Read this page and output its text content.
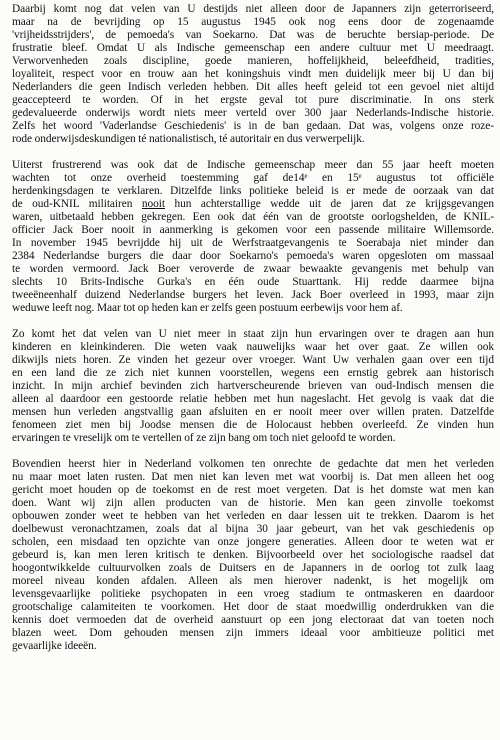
Daarbij komt nog dat velen van U destijds niet alleen door de Japanners zijn geterroriseerd,
maar na de bevrijding op 15 augustus 1945 ook nog eens door de zogenaamde
'vrijheidsstrijders', de pemoeda's van Soekarno. Dat was de beruchte bersiap-periode. De
frustratie bleef. Omdat U als Indische gemeenschap een andere cultuur met U meedraagt.
Verworvenheden zoals discipline, goede manieren, hoffelijkheid, beleefdheid, tradities,
loyaliteit, respect voor en trouw aan het koningshuis vindt men duidelijk meer bij U dan bij
Nederlanders die geen Indisch verleden hebben. Dit alles heeft geleid tot een gevoel niet altijd
geaccepteerd te worden. Of in het ergste geval tot pure discriminatie. In ons sterk
gedevalueerde onderwijs wordt niets meer verteld over 300 jaar Nederlands-Indische historie.
Zelfs het woord 'Vaderlandse Geschiedenis' is in de ban gedaan. Dat was, volgens onze roze-
rode onderwijsdeskundigen té nationalistisch, té autoritair en dus verwerpelijk.

Uiterst frustrerend was ook dat de Indische gemeenschap meer dan 55 jaar heeft moeten
wachten tot onze overheid toestemming gaf de14ᵉ en 15ᵉ augustus tot officiële
herdenkingsdagen te verklaren. Ditzelfde links politieke beleid is er mede de oorzaak van dat
de oud-KNIL militairen nooit hun achterstallige wedde uit de jaren dat ze krijgsgevangen
waren, uitbetaald hebben gekregen. Een ook dat één van de grootste oorlogshelden, de KNIL-
officier Jack Boer nooit in aanmerking is gekomen voor een passende militaire Willemsorde.
In november 1945 bevrijdde hij uit de Werfstraatgevangenis te Soerabaja niet minder dan
2384 Nederlandse burgers die daar door Soekarno's pemoeda's waren opgesloten om massaal
te worden vermoord. Jack Boer veroverde de zwaar bewaakte gevangenis met behulp van
slechts 10 Brits-Indische Gurka's en één oude Stuarttank. Hij redde daarmee bijna
tweeëneenhalf duizend Nederlandse burgers het leven. Jack Boer overleed in 1993, maar zijn
weduwe leeft nog. Maar tot op heden kan er zelfs geen postuum eerbewijs voor hem af.

Zo komt het dat velen van U niet meer in staat zijn hun ervaringen over te dragen aan hun
kinderen en kleinkinderen. Die weten vaak nauwelijks waar het over gaat. Ze willen ook
dikwijls niets horen. Ze vinden het gezeur over vroeger. Want Uw verhalen gaan over een tijd
en een land die ze zich niet kunnen voorstellen, wegens een ernstig gebrek aan historisch
inzicht. In mijn archief bevinden zich hartverscheurende brieven van oud-Indisch mensen die
alleen al daardoor een gestoorde relatie hebben met hun nageslacht. Het gevolg is vaak dat die
mensen hun verleden angstvallig gaan afsluiten en er nooit meer over willen praten. Datzelfde
fenomeen ziet men bij Joodse mensen die de Holocaust hebben overleefd. Ze vinden hun
ervaringen te vreselijk om te vertellen of ze zijn bang om toch niet geloofd te worden.

Bovendien heerst hier in Nederland volkomen ten onrechte de gedachte dat men het verleden
nu maar moet laten rusten. Dat men niet kan leven met wat voorbij is. Dat men alleen het oog
gericht moet houden op de toekomst en de rest moet vergeten. Dat is het domste wat men kan
doen. Want wij zijn allen producten van de historie. Men kan geen zinvolle toekomst
opbouwen zonder weet te hebben van het verleden en daar lessen uit te trekken. Daarom is het
doelbewust veronachtzamen, zoals dat al bijna 30 jaar gebeurt, van het vak geschiedenis op
scholen, een misdaad ten opzichte van onze jongere generaties. Alleen door te weten wat er
gebeurd is, kan men leren kritisch te denken. Bijvoorbeeld over het sociologische raadsel dat
hoogontwikkelde cultuurvolken zoals de Duitsers en de Japanners in de oorlog tot zulk laag
moreel niveau konden afdalen. Alleen als men hierover nadenkt, is het mogelijk om
levensgevaarlijke politieke psychopaten in een vroeg stadium te ontmaskeren en daardoor
grootschalige calamiteiten te voorkomen. Het door de staat moedwillig onderdrukken van die
kennis doet vermoeden dat de overheid aanstuurt op een jong electoraat dat van toeten noch
blazen weet. Dom gehouden mensen zijn immers ideaal voor ambitieuze politici met
gevaarlijke ideeën.
